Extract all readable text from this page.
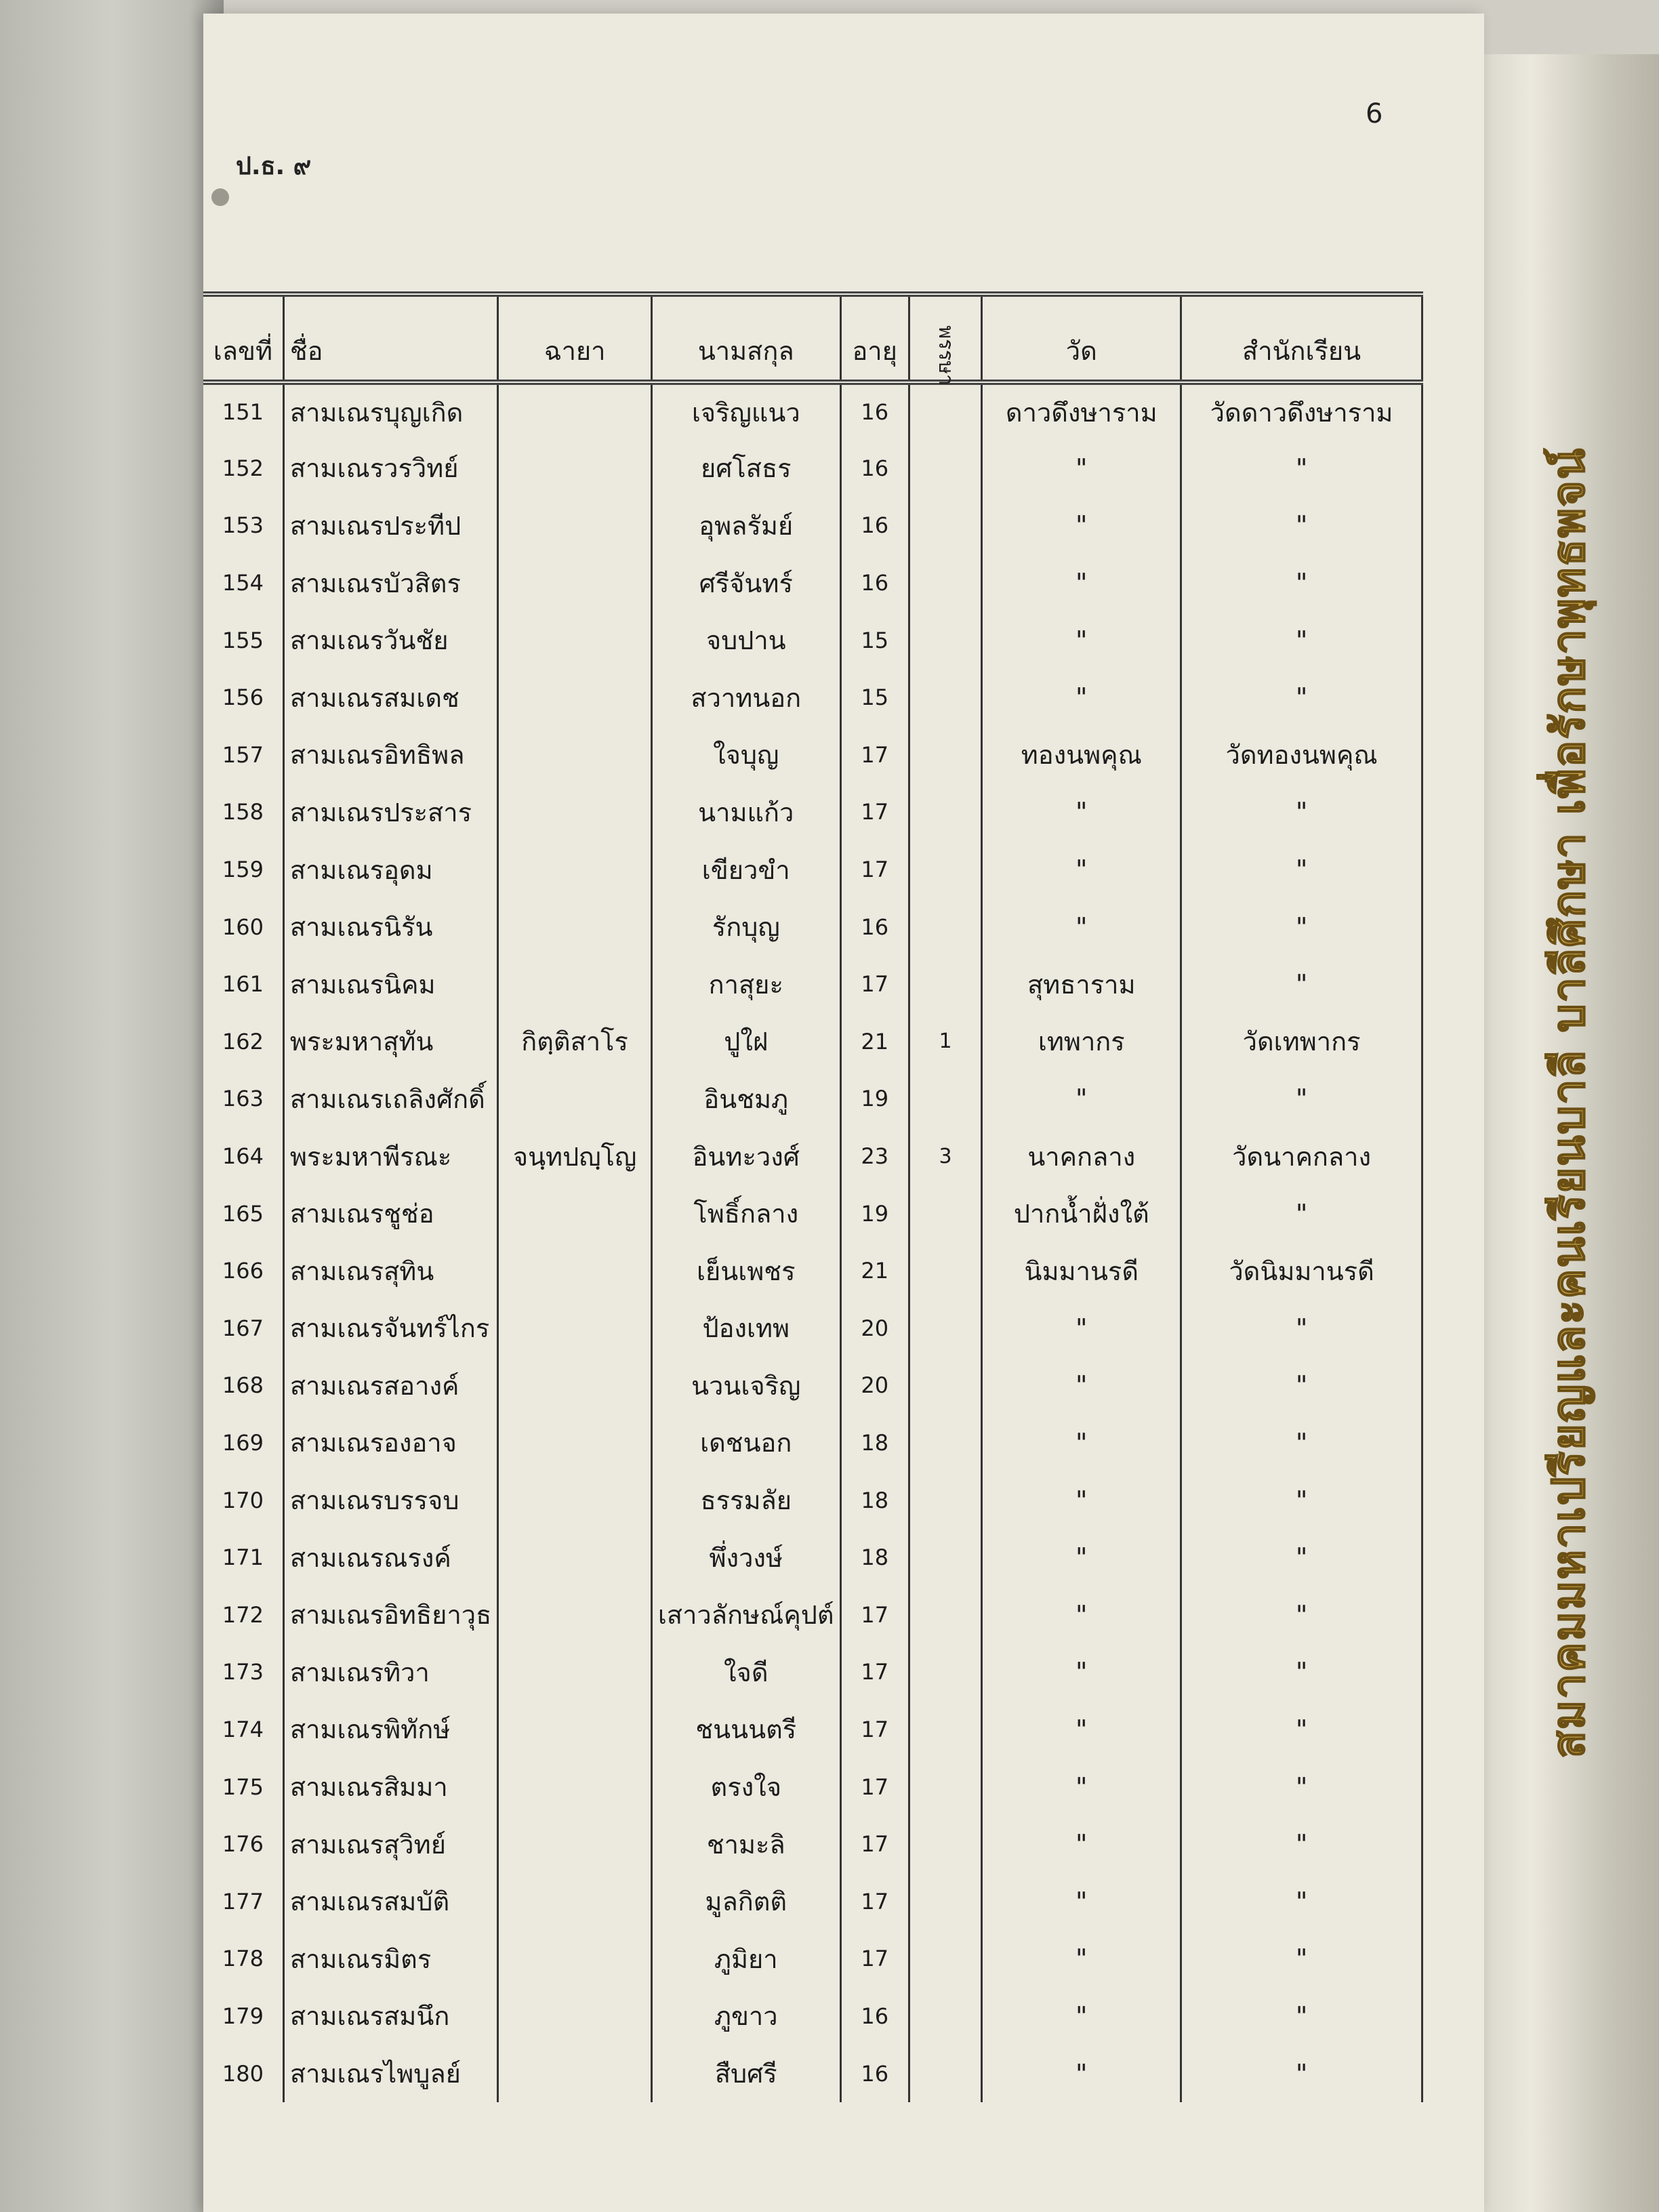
ป.ธ. ๙
6
เลขที่	ชื่อ	ฉายา	นามสกุล	อายุ	พรรษา	วัด	สำนักเรียน
151	สามเณรบุญเกิด		เจริญแนว	16		ดาวดึงษาราม	วัดดาวดึงษาราม
152	สามเณรวรวิทย์		ยศโสธร	16		"	"
153	สามเณรประทีป		อุพลรัมย์	16		"	"
154	สามเณรบัวสิตร		ศรีจันทร์	16		"	"
155	สามเณรวันชัย		จบปาน	15		"	"
156	สามเณรสมเดช		สวาทนอก	15		"	"
157	สามเณรอิทธิพล		ใจบุญ	17		ทองนพคุณ	วัดทองนพคุณ
158	สามเณรประสาร		นามแก้ว	17		"	"
159	สามเณรอุดม		เขียวขำ	17		"	"
160	สามเณรนิรัน		รักบุญ	16		"	"
161	สามเณรนิคม		กาสุยะ	17		สุทธาราม	"
162	พระมหาสุทัน	กิตฺติสาโร	ปูใฝ	21	1	เทพากร	วัดเทพากร
163	สามเณรเถลิงศักดิ์		อินชมภู	19		"	"
164	พระมหาพีรณะ	จนฺทปญฺโญ	อินทะวงศ์	23	3	นาคกลาง	วัดนาคกลาง
165	สามเณรชูช่อ		โพธิ์กลาง	19		ปากน้ำฝั่งใต้	"
166	สามเณรสุทิน		เย็นเพชร	21		นิมมานรดี	วัดนิมมานรดี
167	สามเณรจันทร์ไกร		ป้องเทพ	20		"	"
168	สามเณรสอางค์		นวนเจริญ	20		"	"
169	สามเณรองอาจ		เดชนอก	18		"	"
170	สามเณรบรรจบ		ธรรมลัย	18		"	"
171	สามเณรณรงค์		พึ่งวงษ์	18		"	"
172	สามเณรอิทธิยาวุธ		เสาวลักษณ์คุปต์	17		"	"
173	สามเณรทิวา		ใจดี	17		"	"
174	สามเณรพิทักษ์		ชนนนตรี	17		"	"
175	สามเณรสิมมา		ตรงใจ	17		"	"
176	สามเณรสุวิทย์		ชามะลิ	17		"	"
177	สามเณรสมบัติ		มูลกิตติ	17		"	"
178	สามเณรมิตร		ภูมิยา	17		"	"
179	สามเณรสมนึก		ภูขาว	16		"	"
180	สามเณรไพบูลย์		สืบศรี	16		"	"
สมาคมมหาเปรียญและคนเรียนบาลี บาลีศึกษา เพื่อรักษาพุทธพจน์
